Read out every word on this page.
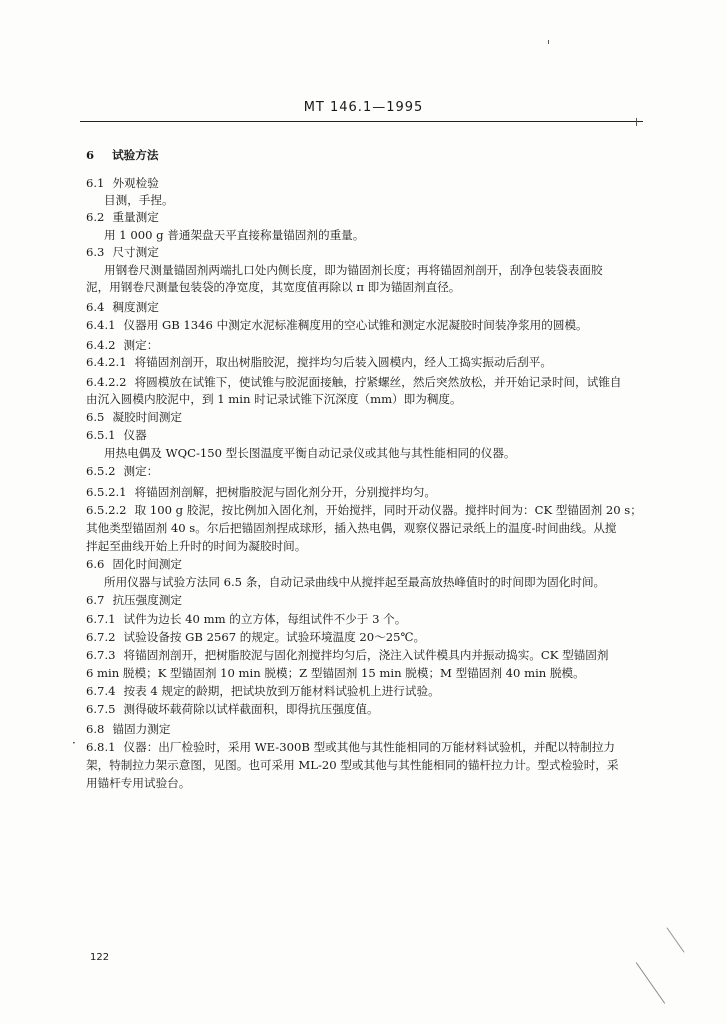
MT 146.1—1995
6 试验方法
6.1 外观检验
目测，手捏。
6.2 重量测定
用 1 000 g 普通架盘天平直接称量锚固剂的重量。
6.3 尺寸测定
用钢卷尺测量锚固剂两端扎口处内侧长度，即为锚固剂长度；再将锚固剂剖开，刮净包装袋表面胶
泥，用钢卷尺测量包装袋的净宽度，其宽度值再除以 π 即为锚固剂直径。
6.4 稠度测定
6.4.1 仪器用 GB 1346 中测定水泥标准稠度用的空心试锥和测定水泥凝胶时间装净浆用的圆模。
6.4.2 测定：
6.4.2.1 将锚固剂剖开，取出树脂胶泥，搅拌均匀后装入圆模内，经人工捣实振动后刮平。
6.4.2.2 将圆模放在试锥下，使试锥与胶泥面接触，拧紧螺丝，然后突然放松，并开始记录时间，试锥自
由沉入圆模内胶泥中，到 1 min 时记录试锥下沉深度（mm）即为稠度。
6.5 凝胶时间测定
6.5.1 仪器
用热电偶及 WQC-150 型长图温度平衡自动记录仪或其他与其性能相同的仪器。
6.5.2 测定：
6.5.2.1 将锚固剂剖解，把树脂胶泥与固化剂分开，分别搅拌均匀。
6.5.2.2 取 100 g 胶泥，按比例加入固化剂，开始搅拌，同时开动仪器。搅拌时间为：CK 型锚固剂 20 s；
其他类型锚固剂 40 s。尔后把锚固剂捏成球形，插入热电偶，观察仪器记录纸上的温度-时间曲线。从搅
拌起至曲线开始上升时的时间为凝胶时间。
6.6 固化时间测定
所用仪器与试验方法同 6.5 条，自动记录曲线中从搅拌起至最高放热峰值时的时间即为固化时间。
6.7 抗压强度测定
6.7.1 试件为边长 40 mm 的立方体，每组试件不少于 3 个。
6.7.2 试验设备按 GB 2567 的规定。试验环境温度 20～25℃。
6.7.3 将锚固剂剖开，把树脂胶泥与固化剂搅拌均匀后，浇注入试件模具内并振动捣实。CK 型锚固剂
6 min 脱模；K 型锚固剂 10 min 脱模；Z 型锚固剂 15 min 脱模；M 型锚固剂 40 min 脱模。
6.7.4 按表 4 规定的龄期，把试块放到万能材料试验机上进行试验。
6.7.5 测得破坏载荷除以试样截面积，即得抗压强度值。
6.8 锚固力测定
6.8.1 仪器：出厂检验时，采用 WE-300B 型或其他与其性能相同的万能材料试验机，并配以特制拉力
架，特制拉力架示意图，见图。也可采用 ML-20 型或其他与其性能相同的锚杆拉力计。型式检验时，采
用锚杆专用试验台。
·
122
